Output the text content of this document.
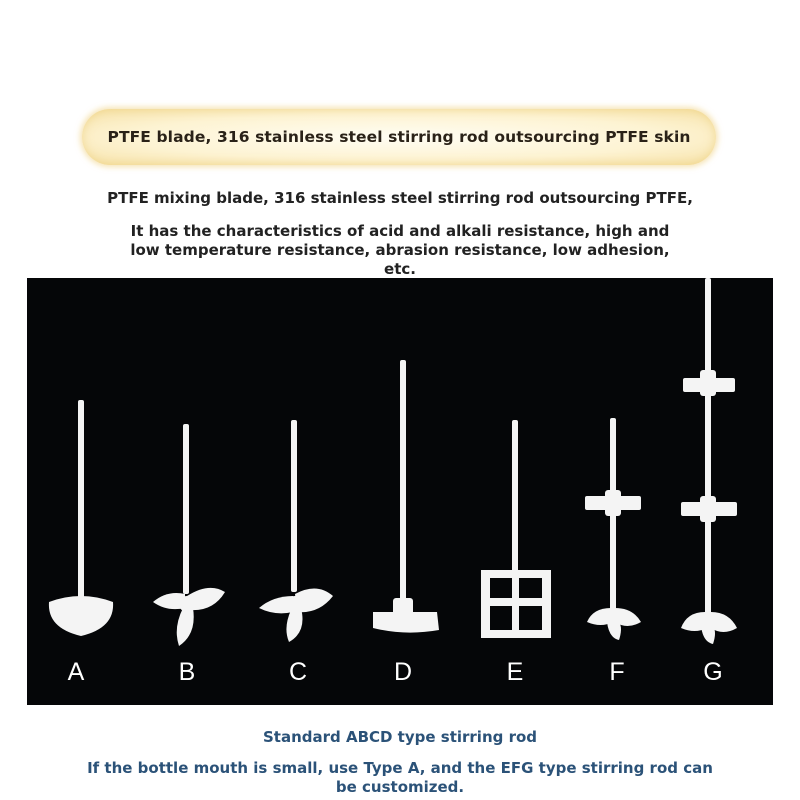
PTFE blade, 316 stainless steel stirring rod outsourcing PTFE skin
PTFE mixing blade, 316 stainless steel stirring rod outsourcing PTFE,
It has the characteristics of acid and alkali resistance, high and low temperature resistance, abrasion resistance, low adhesion, etc.
A	B	C	D	E	F	G
Standard ABCD type stirring rod
If the bottle mouth is small, use Type A, and the EFG type stirring rod can be customized.
